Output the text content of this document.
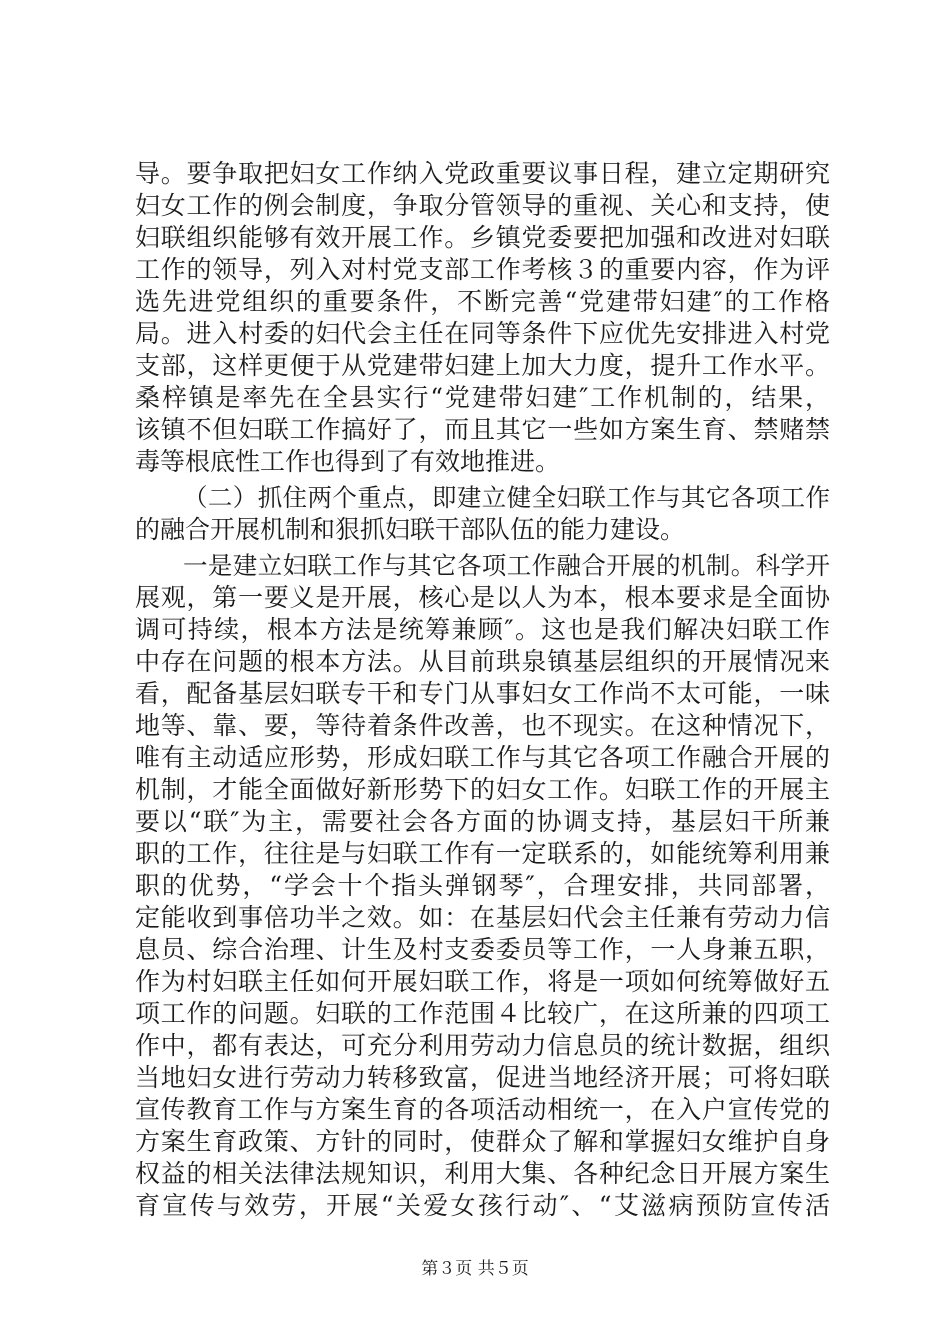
导。要争取把妇女工作纳入党政重要议事日程，建立定期研究
妇女工作的例会制度，争取分管领导的重视、关心和支持，使
妇联组织能够有效开展工作。乡镇党委要把加强和改进对妇联
工作的领导，列入对村党支部工作考核３的重要内容，作为评
选先进党组织的重要条件，不断完善“党建带妇建″的工作格
局。进入村委的妇代会主任在同等条件下应优先安排进入村党
支部，这样更便于从党建带妇建上加大力度，提升工作水平。
桑梓镇是率先在全县实行“党建带妇建″工作机制的，结果，
该镇不但妇联工作搞好了，而且其它一些如方案生育、禁赌禁
毒等根底性工作也得到了有效地推进。
（二）抓住两个重点，即建立健全妇联工作与其它各项工作
的融合开展机制和狠抓妇联干部队伍的能力建设。
一是建立妇联工作与其它各项工作融合开展的机制。科学开
展观，第一要义是开展，核心是以人为本，根本要求是全面协
调可持续，根本方法是统筹兼顾″。这也是我们解决妇联工作
中存在问题的根本方法。从目前珙泉镇基层组织的开展情况来
看，配备基层妇联专干和专门从事妇女工作尚不太可能，一味
地等、靠、要，等待着条件改善，也不现实。在这种情况下，
唯有主动适应形势，形成妇联工作与其它各项工作融合开展的
机制，才能全面做好新形势下的妇女工作。妇联工作的开展主
要以“联″为主，需要社会各方面的协调支持，基层妇干所兼
职的工作，往往是与妇联工作有一定联系的，如能统筹利用兼
职的优势，“学会十个指头弹钢琴″，合理安排，共同部署，
定能收到事倍功半之效。如：在基层妇代会主任兼有劳动力信
息员、综合治理、计生及村支委委员等工作，一人身兼五职，
作为村妇联主任如何开展妇联工作，将是一项如何统筹做好五
项工作的问题。妇联的工作范围４比较广，在这所兼的四项工
作中，都有表达，可充分利用劳动力信息员的统计数据，组织
当地妇女进行劳动力转移致富，促进当地经济开展；可将妇联
宣传教育工作与方案生育的各项活动相统一，在入户宣传党的
方案生育政策、方针的同时，使群众了解和掌握妇女维护自身
权益的相关法律法规知识，利用大集、各种纪念日开展方案生
育宣传与效劳，开展“关爱女孩行动″、“艾滋病预防宣传活
第３页 共５页
